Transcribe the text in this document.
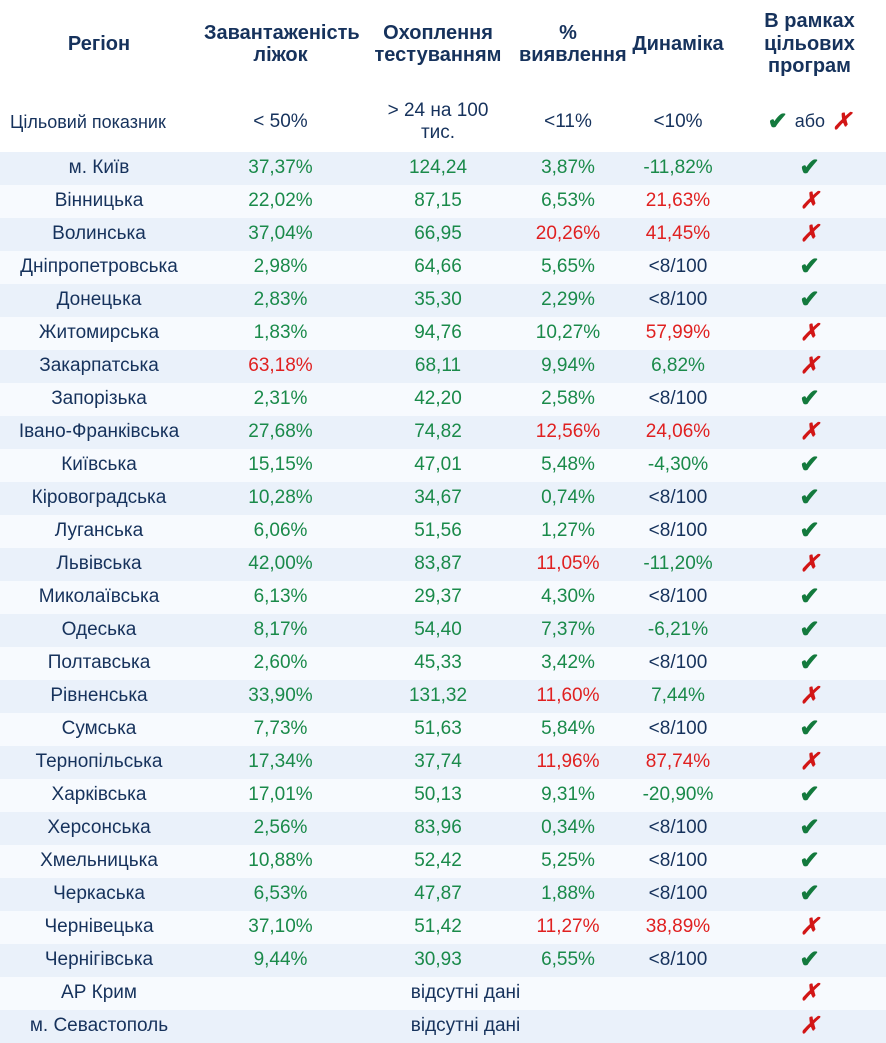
Регіон	Завантаженість ліжок	Охоплення тестуванням	% виявлення	Динаміка	В рамках цільових програм
Цільовий показник	< 50%	> 24 на 100 тис.	<11%	<10%	✔ або ✗

м. Київ	37,37%	124,24	3,87%	-11,82%	✔
Вінницька	22,02%	87,15	6,53%	21,63%	✗
Волинська	37,04%	66,95	20,26%	41,45%	✗
Дніпропетровська	2,98%	64,66	5,65%	<8/100	✔
Донецька	2,83%	35,30	2,29%	<8/100	✔
Житомирська	1,83%	94,76	10,27%	57,99%	✗
Закарпатська	63,18%	68,11	9,94%	6,82%	✗
Запорізька	2,31%	42,20	2,58%	<8/100	✔
Івано-Франківська	27,68%	74,82	12,56%	24,06%	✗
Київська	15,15%	47,01	5,48%	-4,30%	✔
Кіровоградська	10,28%	34,67	0,74%	<8/100	✔
Луганська	6,06%	51,56	1,27%	<8/100	✔
Львівська	42,00%	83,87	11,05%	-11,20%	✗
Миколаївська	6,13%	29,37	4,30%	<8/100	✔
Одеська	8,17%	54,40	7,37%	-6,21%	✔
Полтавська	2,60%	45,33	3,42%	<8/100	✔
Рівненська	33,90%	131,32	11,60%	7,44%	✗
Сумська	7,73%	51,63	5,84%	<8/100	✔
Тернопільська	17,34%	37,74	11,96%	87,74%	✗
Харківська	17,01%	50,13	9,31%	-20,90%	✔
Херсонська	2,56%	83,96	0,34%	<8/100	✔
Хмельницька	10,88%	52,42	5,25%	<8/100	✔
Черкаська	6,53%	47,87	1,88%	<8/100	✔
Чернівецька	37,10%	51,42	11,27%	38,89%	✗
Чернігівська	9,44%	30,93	6,55%	<8/100	✔
АР Крим	відсутні дані				✗
м. Севастополь	відсутні дані				✗
